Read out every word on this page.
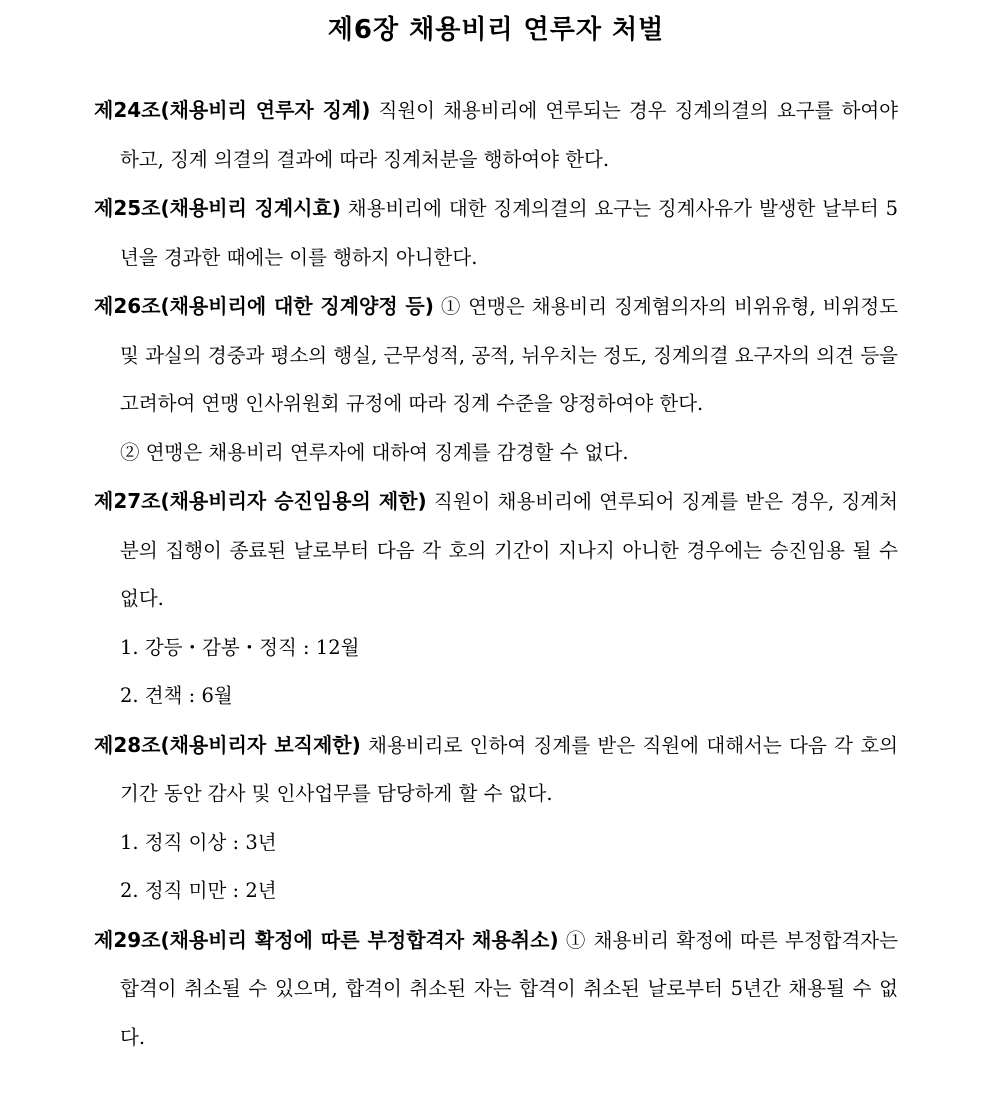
제6장 채용비리 연루자 처벌

제24조(채용비리 연루자 징계) 직원이 채용비리에 연루되는 경우 징계의결의 요구를 하여야 하고, 징계 의결의 결과에 따라 징계처분을 행하여야 한다.

제25조(채용비리 징계시효) 채용비리에 대한 징계의결의 요구는 징계사유가 발생한 날부터 5년을 경과한 때에는 이를 행하지 아니한다.

제26조(채용비리에 대한 징계양정 등) ① 연맹은 채용비리 징계혐의자의 비위유형, 비위정도 및 과실의 경중과 평소의 행실, 근무성적, 공적, 뉘우치는 정도, 징계의결 요구자의 의견 등을 고려하여 연맹 인사위원회 규정에 따라 징계 수준을 양정하여야 한다.

② 연맹은 채용비리 연루자에 대하여 징계를 감경할 수 없다.

제27조(채용비리자 승진임용의 제한) 직원이 채용비리에 연루되어 징계를 받은 경우, 징계처분의 집행이 종료된 날로부터 다음 각 호의 기간이 지나지 아니한 경우에는 승진임용 될 수 없다.

1. 강등・감봉・정직 : 12월

2. 견책 : 6월

제28조(채용비리자 보직제한) 채용비리로 인하여 징계를 받은 직원에 대해서는 다음 각 호의 기간 동안 감사 및 인사업무를 담당하게 할 수 없다.

1. 정직 이상 : 3년

2. 정직 미만 : 2년

제29조(채용비리 확정에 따른 부정합격자 채용취소) ① 채용비리 확정에 따른 부정합격자는 합격이 취소될 수 있으며, 합격이 취소된 자는 합격이 취소된 날로부터 5년간 채용될 수 없다.
